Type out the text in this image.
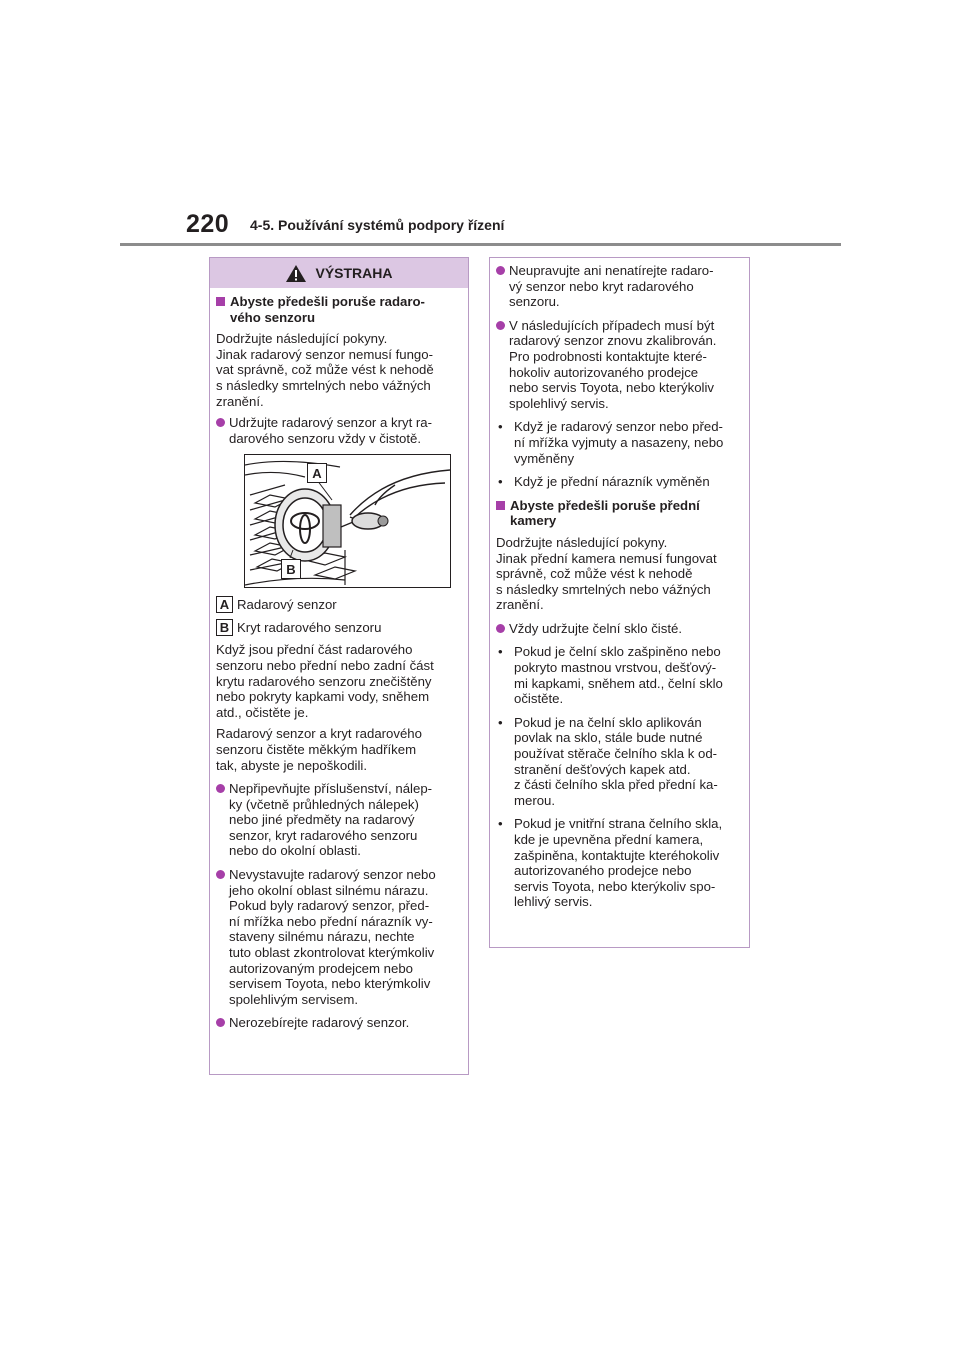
220 4-5. Používání systémů podpory řízení
VÝSTRAHA
Abyste předešli poruše radaro-
vého senzoru
Dodržujte následující pokyny.
Jinak radarový senzor nemusí fungo-
vat správně, což může vést k nehodě
s následky smrtelných nebo vážných
zranění.
Udržujte radarový senzor a kryt ra-
darového senzoru vždy v čistotě.
A
B
A Radarový senzor
B Kryt radarového senzoru
Když jsou přední část radarového
senzoru nebo přední nebo zadní část
krytu radarového senzoru znečištěny
nebo pokryty kapkami vody, sněhem
atd., očistěte je.
Radarový senzor a kryt radarového
senzoru čistěte měkkým hadříkem
tak, abyste je nepoškodili.
Nepřipevňujte příslušenství, nálep-
ky (včetně průhledných nálepek)
nebo jiné předměty na radarový
senzor, kryt radarového senzoru
nebo do okolní oblasti.
Nevystavujte radarový senzor nebo
jeho okolní oblast silnému nárazu.
Pokud byly radarový senzor, před-
ní mřížka nebo přední nárazník vy-
staveny silnému nárazu, nechte
tuto oblast zkontrolovat kterýmkoliv
autorizovaným prodejcem nebo
servisem Toyota, nebo kterýmkoliv
spolehlivým servisem.
Nerozebírejte radarový senzor.
Neupravujte ani nenatírejte radaro-
vý senzor nebo kryt radarového
senzoru.
V následujících případech musí být
radarový senzor znovu zkalibrován.
Pro podrobnosti kontaktujte které-
hokoliv autorizovaného prodejce
nebo servis Toyota, nebo kterýkoliv
spolehlivý servis.
• Když je radarový senzor nebo před-
ní mřížka vyjmuty a nasazeny, nebo
vyměněny
• Když je přední nárazník vyměněn
Abyste předešli poruše přední
kamery
Dodržujte následující pokyny.
Jinak přední kamera nemusí fungovat
správně, což může vést k nehodě
s následky smrtelných nebo vážných
zranění.
Vždy udržujte čelní sklo čisté.
• Pokud je čelní sklo zašpiněno nebo
pokryto mastnou vrstvou, dešťový-
mi kapkami, sněhem atd., čelní sklo
očistěte.
• Pokud je na čelní sklo aplikován
povlak na sklo, stále bude nutné
používat stěrače čelního skla k od-
stranění dešťových kapek atd.
z části čelního skla před přední ka-
merou.
• Pokud je vnitřní strana čelního skla,
kde je upevněna přední kamera,
zašpiněna, kontaktujte kteréhokoliv
autorizovaného prodejce nebo
servis Toyota, nebo kterýkoliv spo-
lehlivý servis.
